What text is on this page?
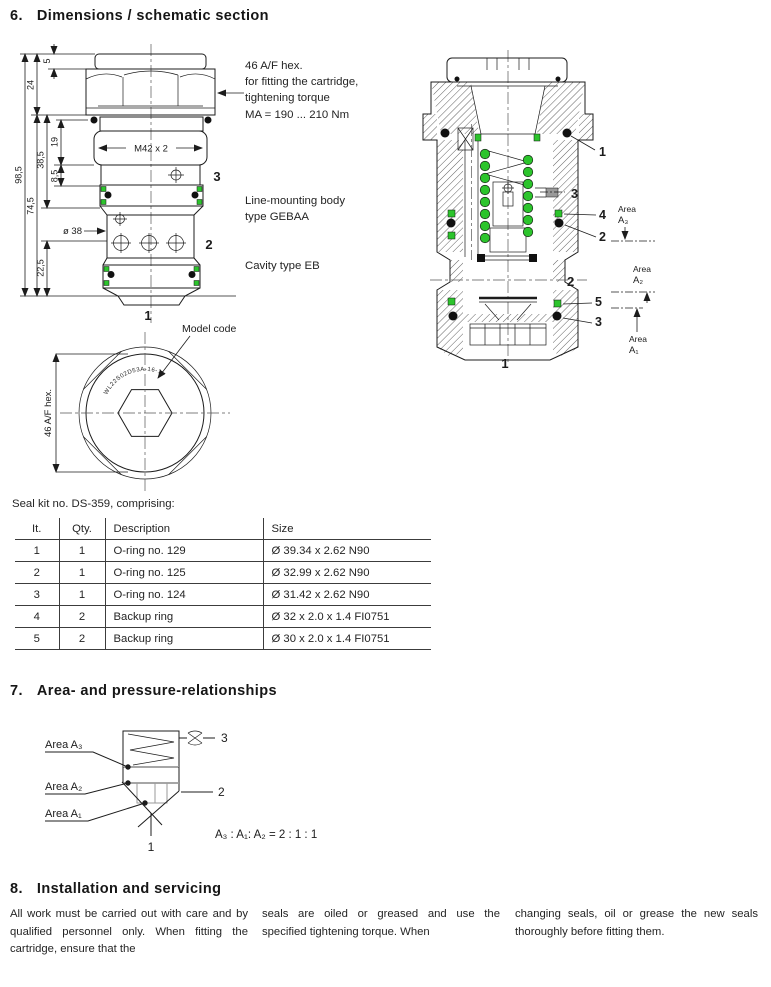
6. Dimensions / schematic section
98,5
24
74,5
38,5
22,5
19
8,5
5
M42 x 2
ø 38
3
2
1
46 A/F hex.
for fitting the cartridge,
tightening torque
MA = 190 ... 210 Nm
Line-mounting body
type GEBAA
Cavity type EB
1
3
4
2
2
5
3
1
Area
A₃
Area
A₂
Area
A₁
WL22S02D53A-16-1
46 A/F hex.
Model code
Seal kit no. DS-359, comprising:
It.	Qty.	Description	Size
1	1	O-ring no. 129	Ø 39.34 x 2.62 N90
2	1	O-ring no. 125	Ø 32.99 x 2.62 N90
3	1	O-ring no. 124	Ø 31.42 x 2.62 N90
4	2	Backup ring	Ø 32 x 2.0 x 1.4 FI0751
5	2	Backup ring	Ø 30 x 2.0 x 1.4 FI0751
7. Area- and pressure-relationships
Area A₃
Area A₂
Area A₁
3
2
1
A₃ : A₁: A₂ = 2 : 1 : 1
8. Installation and servicing
All work must be carried out with care and by qualified personnel only. When fitting the cartridge, ensure that the
seals are oiled or greased and use the specified tightening torque. When
changing seals, oil or grease the new seals thoroughly before fitting them.
